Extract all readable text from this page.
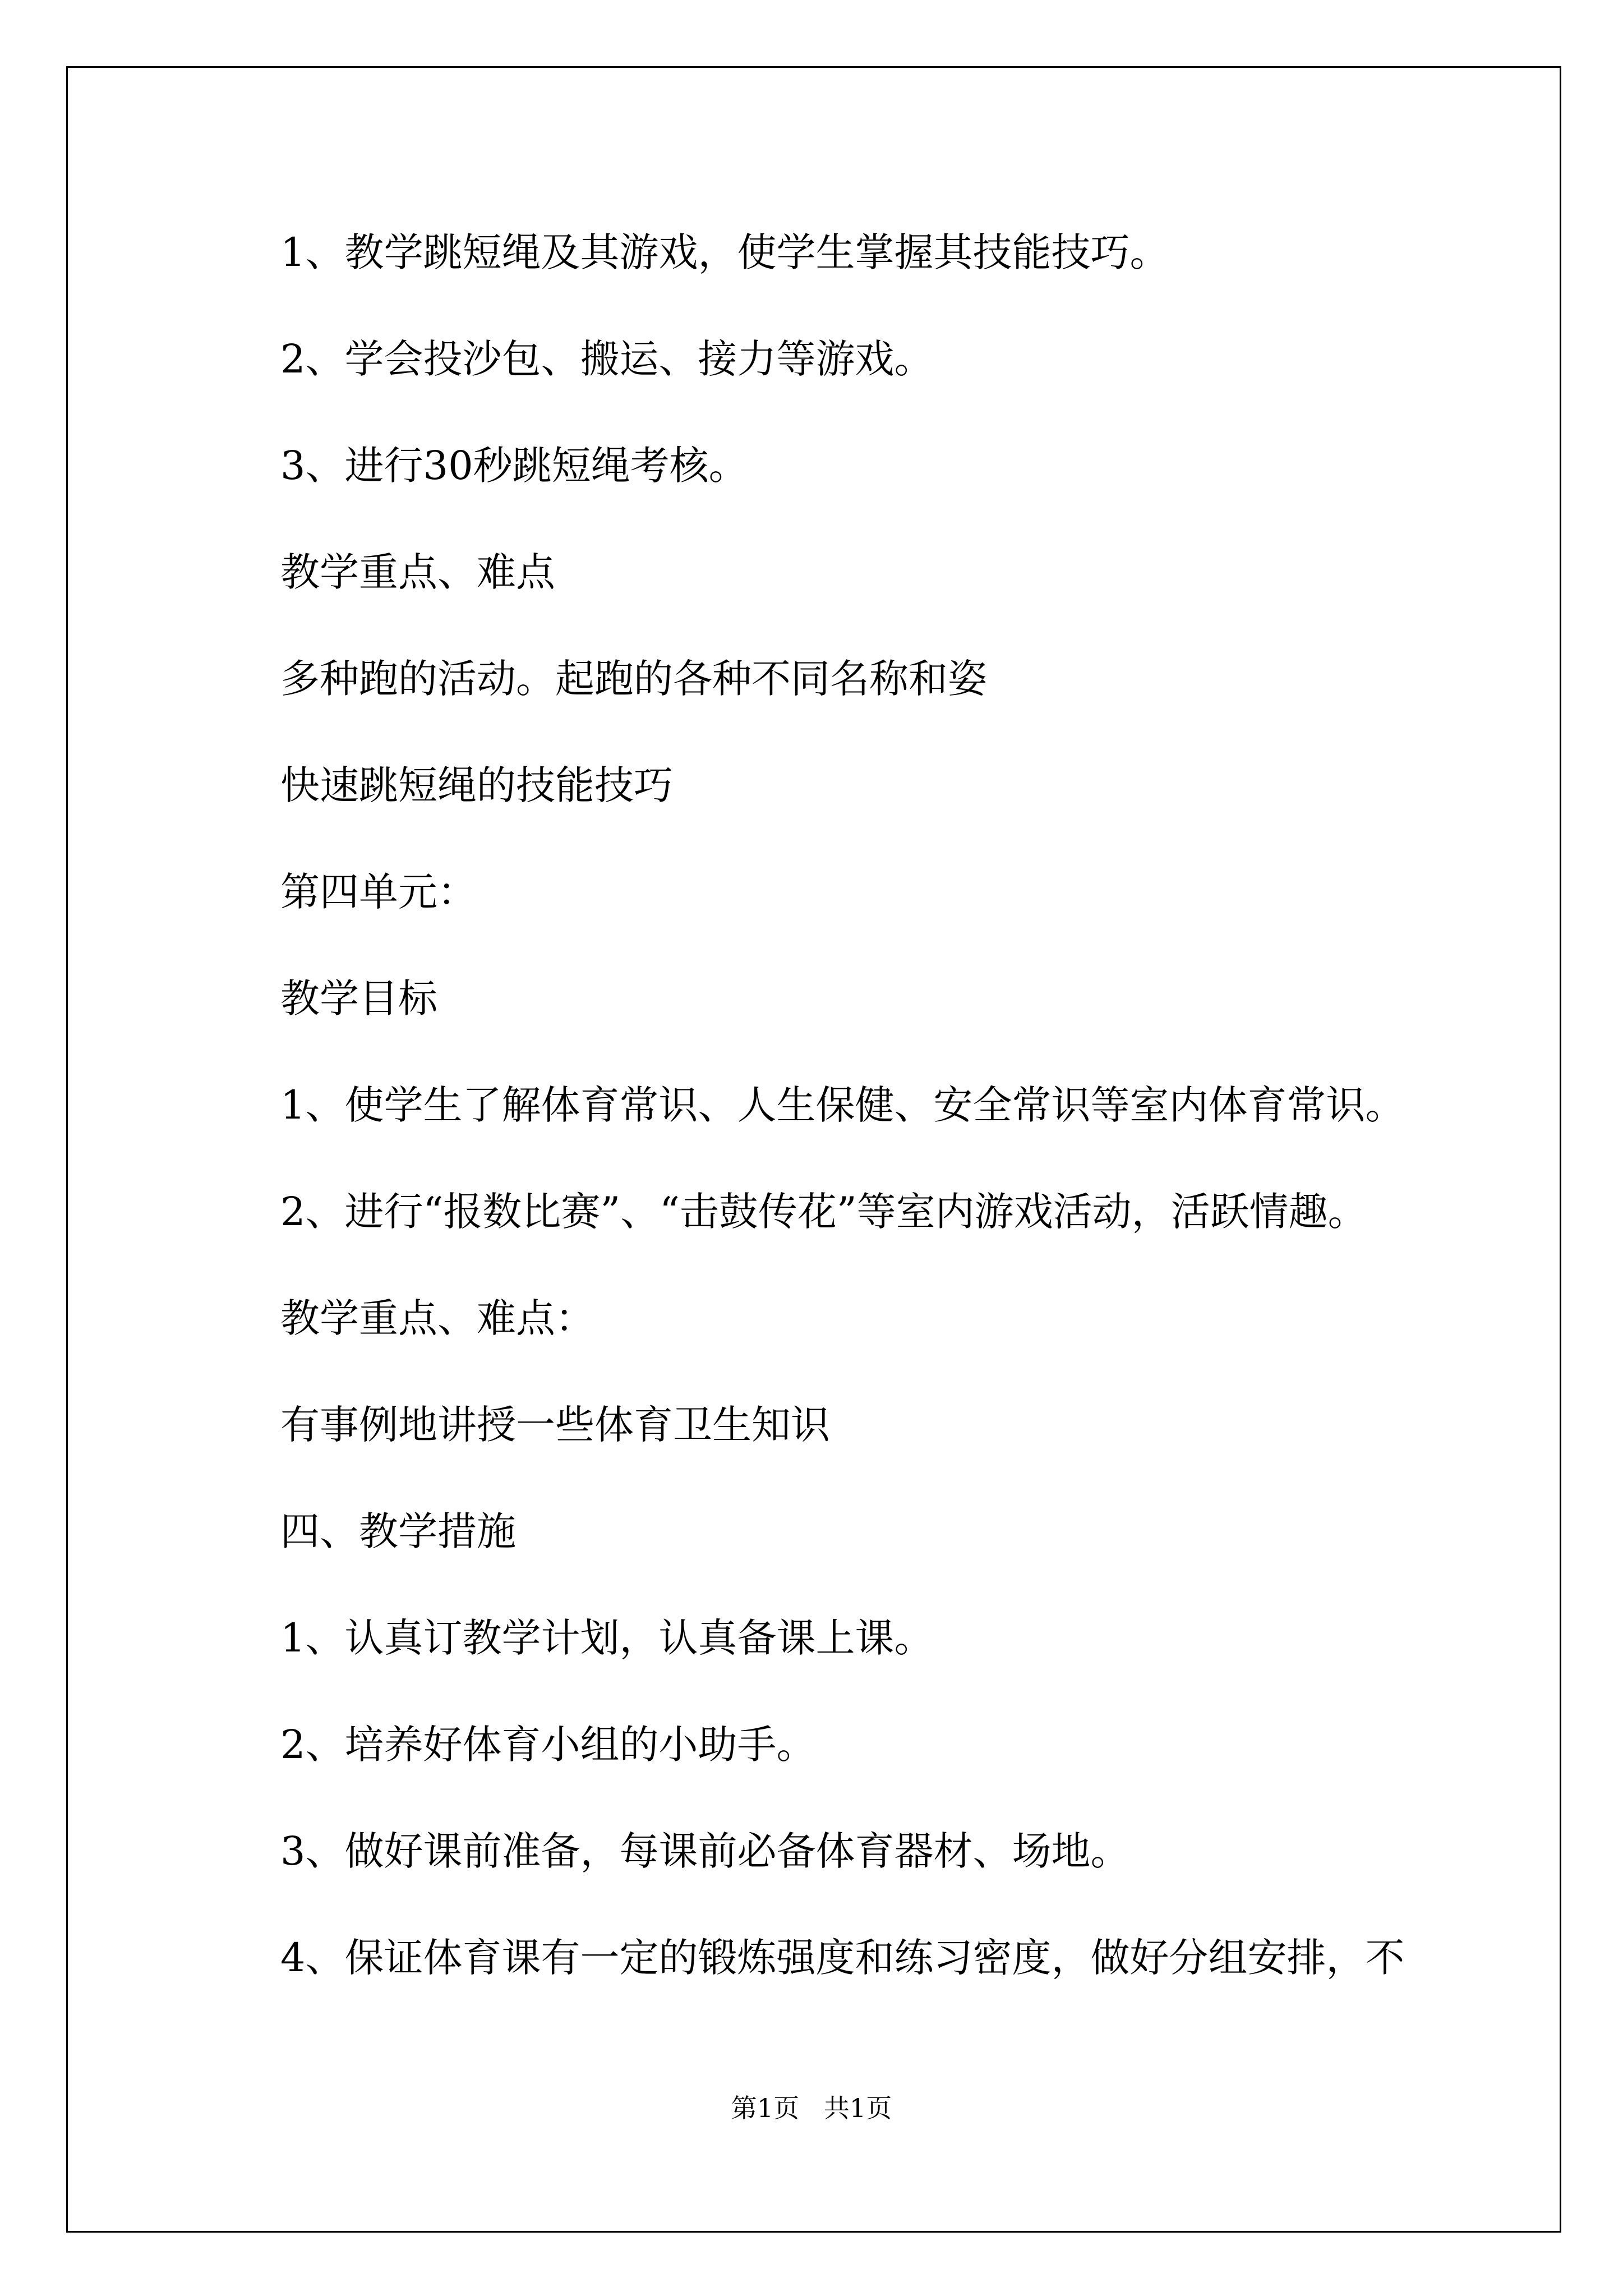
1、教学跳短绳及其游戏，使学生掌握其技能技巧。
2、学会投沙包、搬运、接力等游戏。
3、进行30秒跳短绳考核。
教学重点、难点
多种跑的活动。起跑的各种不同名称和姿
快速跳短绳的技能技巧
第四单元：
教学目标
1、使学生了解体育常识、人生保健、安全常识等室内体育常识。
2、进行“报数比赛”、“击鼓传花”等室内游戏活动，活跃情趣。
教学重点、难点：
有事例地讲授一些体育卫生知识
四、教学措施
1、认真订教学计划，认真备课上课。
2、培养好体育小组的小助手。
3、做好课前准备，每课前必备体育器材、场地。
4、保证体育课有一定的锻炼强度和练习密度，做好分组安排，不
第1页   共1页
